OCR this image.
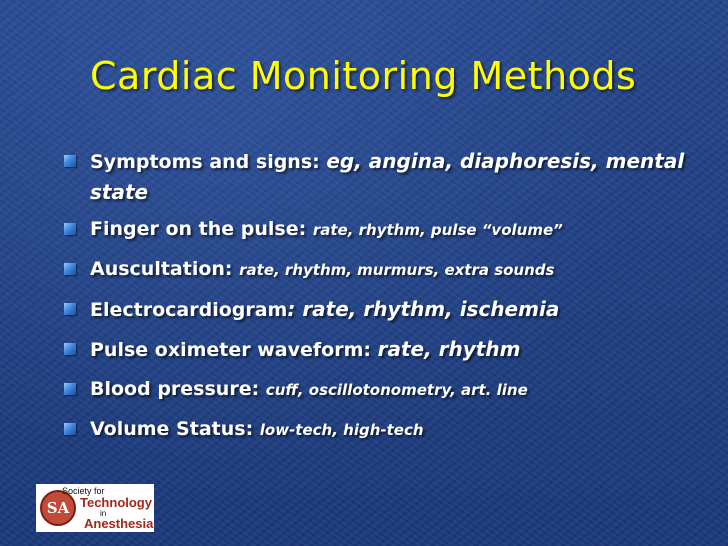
Cardiac Monitoring Methods
Symptoms and signs: eg, angina, diaphoresis, mental state
Finger on the pulse: rate, rhythm, pulse “volume”
Auscultation: rate, rhythm, murmurs, extra sounds
Electrocardiogram: rate, rhythm, ischemia
Pulse oximeter waveform: rate, rhythm
Blood pressure: cuff, oscillotonometry, art. line
Volume Status: low-tech, high-tech
SA
Society for
Technology
in
Anesthesia
